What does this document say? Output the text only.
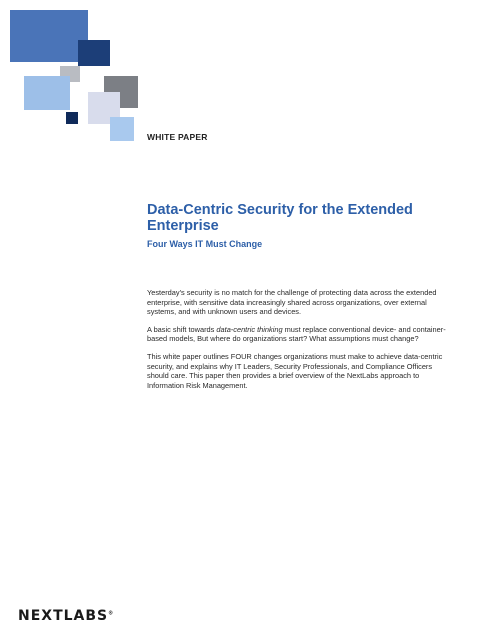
WHITE PAPER
Data-Centric Security for the Extended Enterprise
Four Ways IT Must Change

Yesterday's security is no match for the challenge of protecting data across the extended enterprise, with sensitive data increasingly shared across organizations, over external systems, and with unknown users and devices.

A basic shift towards data-centric thinking must replace conventional device- and container-based models, But where do organizations start? What assumptions must change?

This white paper outlines FOUR changes organizations must make to achieve data-centric security, and explains why IT Leaders, Security Professionals, and Compliance Officers should care. This paper then provides a brief overview of the NextLabs approach to Information Risk Management.

NEXTLABS®
